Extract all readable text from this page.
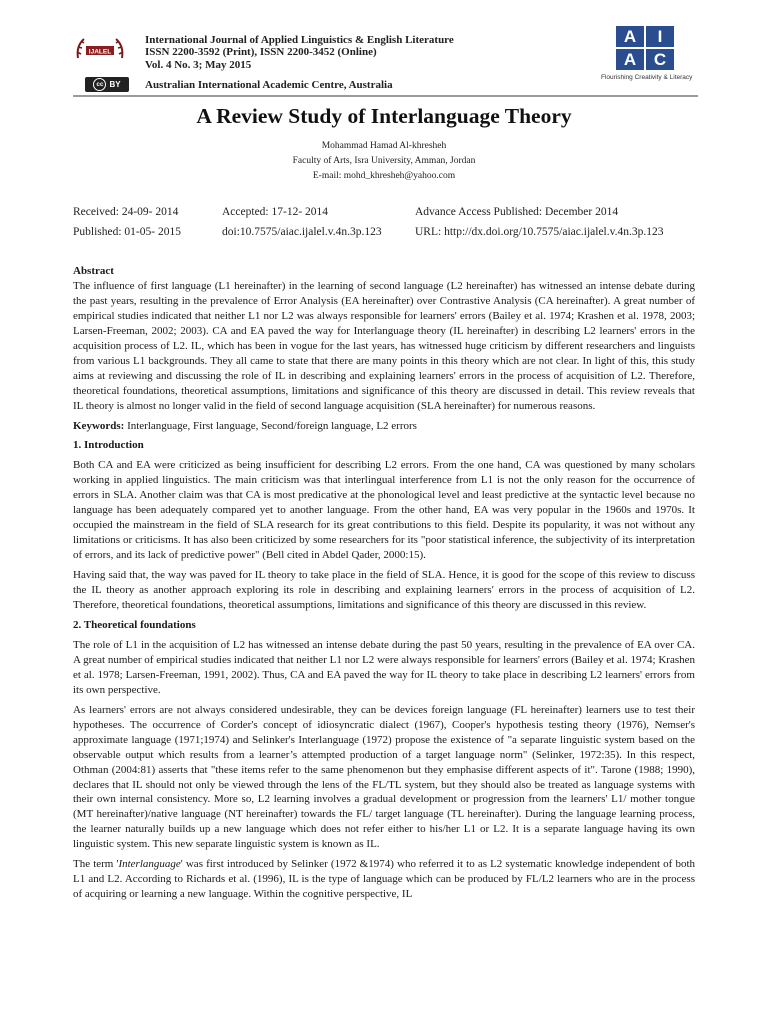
IJALEL
International Journal of Applied Linguistics & English Literature
ISSN 2200-3592 (Print), ISSN 2200-3452 (Online)
Vol. 4 No. 3; May 2015
cc BY Australian International Academic Centre, Australia
A	I
A	C
Flourishing Creativity & Literacy
A Review Study of Interlanguage Theory
Mohammad Hamad Al-khresheh
Faculty of Arts, Isra University, Amman, Jordan
E-mail: mohd_khresheh@yahoo.com
Received: 24-09- 2014	Accepted: 17-12- 2014	Advance Access Published: December 2014
Published: 01-05- 2015	doi:10.7575/aiac.ijalel.v.4n.3p.123	URL: http://dx.doi.org/10.7575/aiac.ijalel.v.4n.3p.123
Abstract

The influence of first language (L1 hereinafter) in the learning of second language (L2 hereinafter) has witnessed an intense debate during the past years, resulting in the prevalence of Error Analysis (EA hereinafter) over Contrastive Analysis (CA hereinafter). A great number of empirical studies indicated that neither L1 nor L2 was always responsible for learners' errors (Bailey et al. 1974; Krashen et al. 1978, 2003; Larsen-Freeman, 2002; 2003). CA and EA paved the way for Interlanguage theory (IL hereinafter) in describing L2 learners' errors in the acquisition process of L2. IL, which has been in vogue for the last years, has witnessed huge criticism by different researchers and linguists from various L1 backgrounds. They all came to state that there are many points in this theory which are not clear. In light of this, this study aims at reviewing and discussing the role of IL in describing and explaining learners' errors in the process of acquisition of L2. Therefore, theoretical foundations, theoretical assumptions, limitations and significance of this theory are discussed in detail. This review reveals that IL theory is almost no longer valid in the field of second language acquisition (SLA hereinafter) for numerous reasons.

Keywords: Interlanguage, First language, Second/foreign language, L2 errors

1. Introduction

Both CA and EA were criticized as being insufficient for describing L2 errors. From the one hand, CA was questioned by many scholars working in applied linguistics. The main criticism was that interlingual interference from L1 is not the only reason for the occurrence of errors in SLA. Another claim was that CA is most predicative at the phonological level and least predictive at the syntactic level because no language has been adequately compared yet to another language. From the other hand, EA was very popular in the 1960s and 1970s. It occupied the mainstream in the field of SLA research for its great contributions to this field. Despite its popularity, it was not without any limitations or criticisms. It has also been criticized by some researchers for its "poor statistical inference, the subjectivity of its interpretation of errors, and its lack of predictive power" (Bell cited in Abdel Qader, 2000:15).

Having said that, the way was paved for IL theory to take place in the field of SLA. Hence, it is good for the scope of this review to discuss the IL theory as another approach exploring its role in describing and explaining learners' errors in the process of acquisition of L2. Therefore, theoretical foundations, theoretical assumptions, limitations and significance of this theory are discussed in this review.

2. Theoretical foundations

The role of L1 in the acquisition of L2 has witnessed an intense debate during the past 50 years, resulting in the prevalence of EA over CA. A great number of empirical studies indicated that neither L1 nor L2 were always responsible for learners' errors (Bailey et al. 1974; Krashen et al. 1978; Larsen-Freeman, 1991, 2002). Thus, CA and EA paved the way for IL theory to take place in describing L2 learners' errors from its own perspective.

As learners' errors are not always considered undesirable, they can be devices foreign language (FL hereinafter) learners use to test their hypotheses. The occurrence of Corder's concept of idiosyncratic dialect (1967), Cooper's hypothesis testing theory (1976), Nemser's approximate language (1971;1974) and Selinker's Interlanguage (1972) propose the existence of "a separate linguistic system based on the observable output which results from a learner’s attempted production of a target language norm" (Selinker, 1972:35). In this respect, Othman (2004:81) asserts that "these items refer to the same phenomenon but they emphasise different aspects of it". Tarone (1988; 1990), declares that IL should not only be viewed through the lens of the FL/TL system, but they should also be treated as language systems with their own internal consistency. More so, L2 learning involves a gradual development or progression from the learners' L1/ mother tongue (MT hereinafter)/native language (NT hereinafter) towards the FL/ target language (TL hereinafter). During the language learning process, the learner naturally builds up a new language which does not refer either to his/her L1 or L2. It is a separate language having its own linguistic system. This new separate linguistic system is known as IL.

The term 'Interlanguage' was first introduced by Selinker (1972 &1974) who referred it to as L2 systematic knowledge independent of both L1 and L2. According to Richards et al. (1996), IL is the type of language which can be produced by FL/L2 learners who are in the process of acquiring or learning a new language. Within the cognitive perspective, IL
